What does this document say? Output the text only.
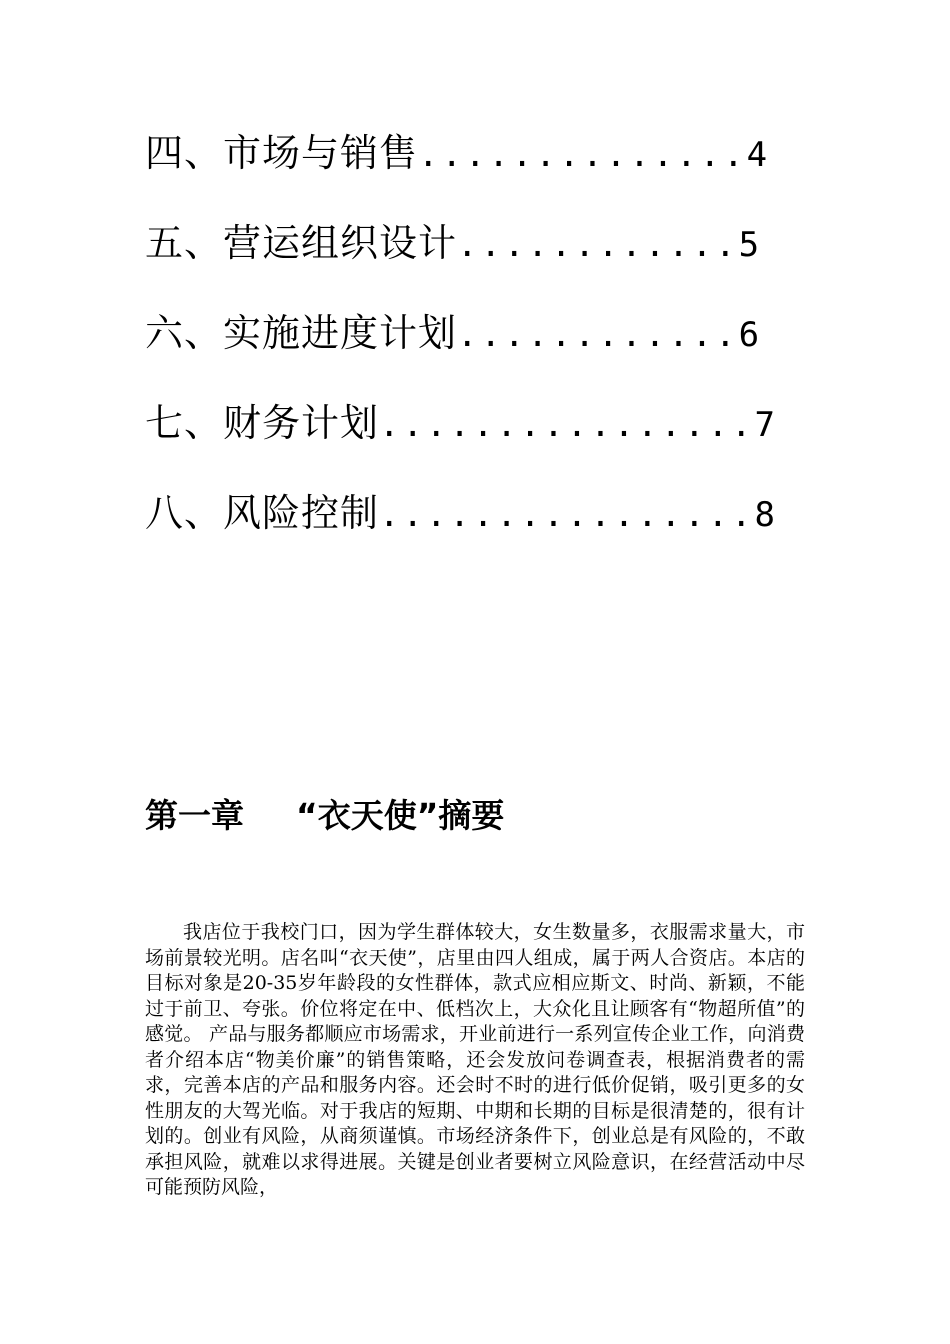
四、市场与销售..............4
五、营运组织设计............5
六、实施进度计划............6
七、财务计划................7
八、风险控制................8
第一章 “衣天使”摘要

我店位于我校门口，因为学生群体较大，女生数量多，衣服需求量大，市场前景较光明。店名叫“衣天使”，店里由四人组成，属于两人合资店。本店的目标对象是20-35岁年龄段的女性群体，款式应相应斯文、时尚、新颖，不能过于前卫、夸张。价位将定在中、低档次上，大众化且让顾客有“物超所值”的感觉。 产品与服务都顺应市场需求，开业前进行一系列宣传企业工作，向消费者介绍本店“物美价廉”的销售策略，还会发放问卷调查表，根据消费者的需求，完善本店的产品和服务内容。还会时不时的进行低价促销，吸引更多的女性朋友的大驾光临。对于我店的短期、中期和长期的目标是很清楚的，很有计划的。创业有风险，从商须谨慎。市场经济条件下，创业总是有风险的，不敢承担风险，就难以求得进展。关键是创业者要树立风险意识，在经营活动中尽可能预防风险，
